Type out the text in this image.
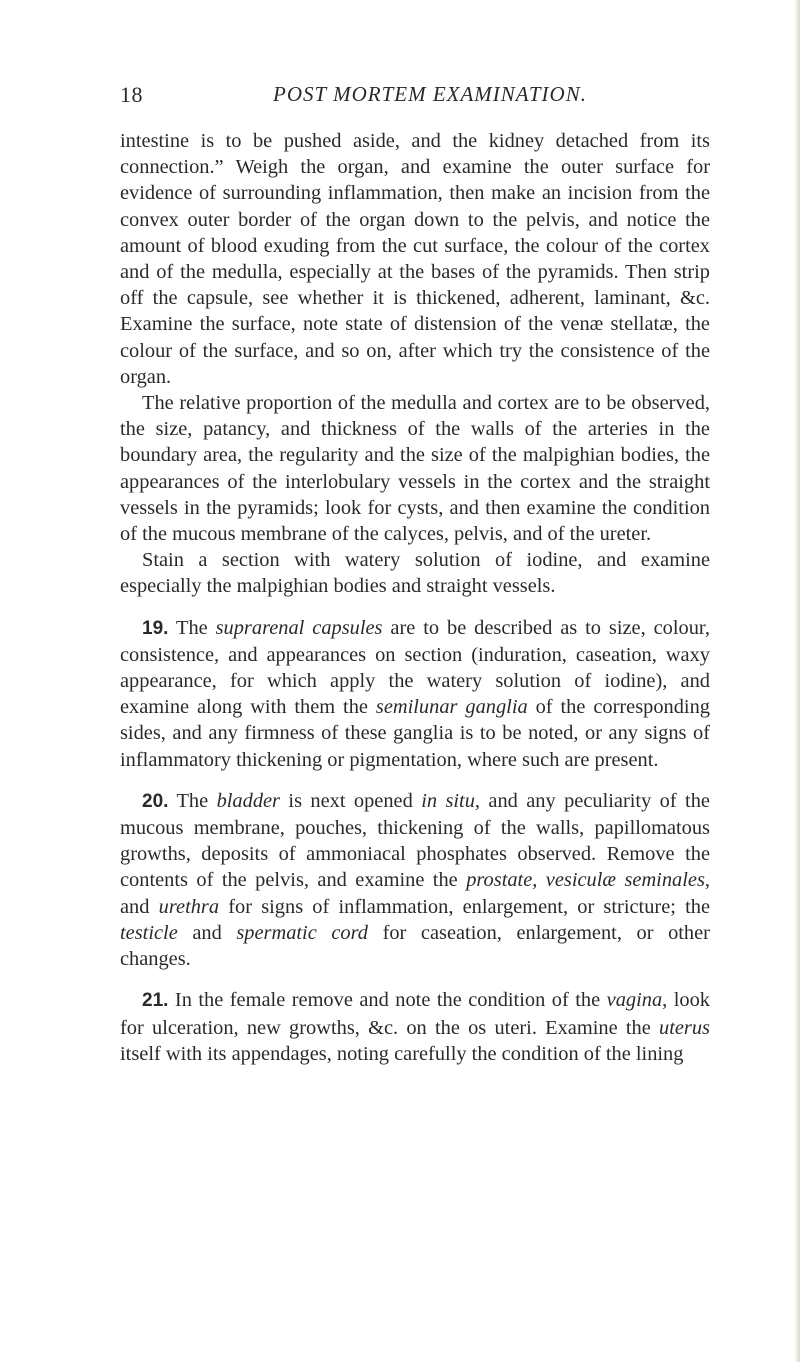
18	POST MORTEM EXAMINATION.

intestine is to be pushed aside, and the kidney detached from its connection.” Weigh the organ, and examine the outer surface for evidence of surrounding inflammation, then make an incision from the convex outer border of the organ down to the pelvis, and notice the amount of blood exuding from the cut surface, the colour of the cortex and of the medulla, especially at the bases of the pyramids. Then strip off the capsule, see whether it is thickened, adherent, laminant, &c. Examine the surface, note state of distension of the venæ stellatæ, the colour of the surface, and so on, after which try the consistence of the organ.

The relative proportion of the medulla and cortex are to be observed, the size, patancy, and thickness of the walls of the arteries in the boundary area, the regularity and the size of the malpighian bodies, the appearances of the interlobulary vessels in the cortex and the straight vessels in the pyramids; look for cysts, and then examine the condition of the mucous membrane of the calyces, pelvis, and of the ureter.

Stain a section with watery solution of iodine, and examine especially the malpighian bodies and straight vessels.

19. The suprarenal capsules are to be described as to size, colour, consistence, and appearances on section (induration, caseation, waxy appearance, for which apply the watery solution of iodine), and examine along with them the semilunar ganglia of the corresponding sides, and any firmness of these ganglia is to be noted, or any signs of inflammatory thickening or pigmentation, where such are present.

20. The bladder is next opened in situ, and any peculiarity of the mucous membrane, pouches, thickening of the walls, papillomatous growths, deposits of ammoniacal phosphates observed. Remove the contents of the pelvis, and examine the prostate, vesiculæ seminales, and urethra for signs of inflammation, enlargement, or stricture; the testicle and spermatic cord for caseation, enlargement, or other changes.

21. In the female remove and note the condition of the vagina, look for ulceration, new growths, &c. on the os uteri. Examine the uterus itself with its appendages, noting carefully the condition of the lining
